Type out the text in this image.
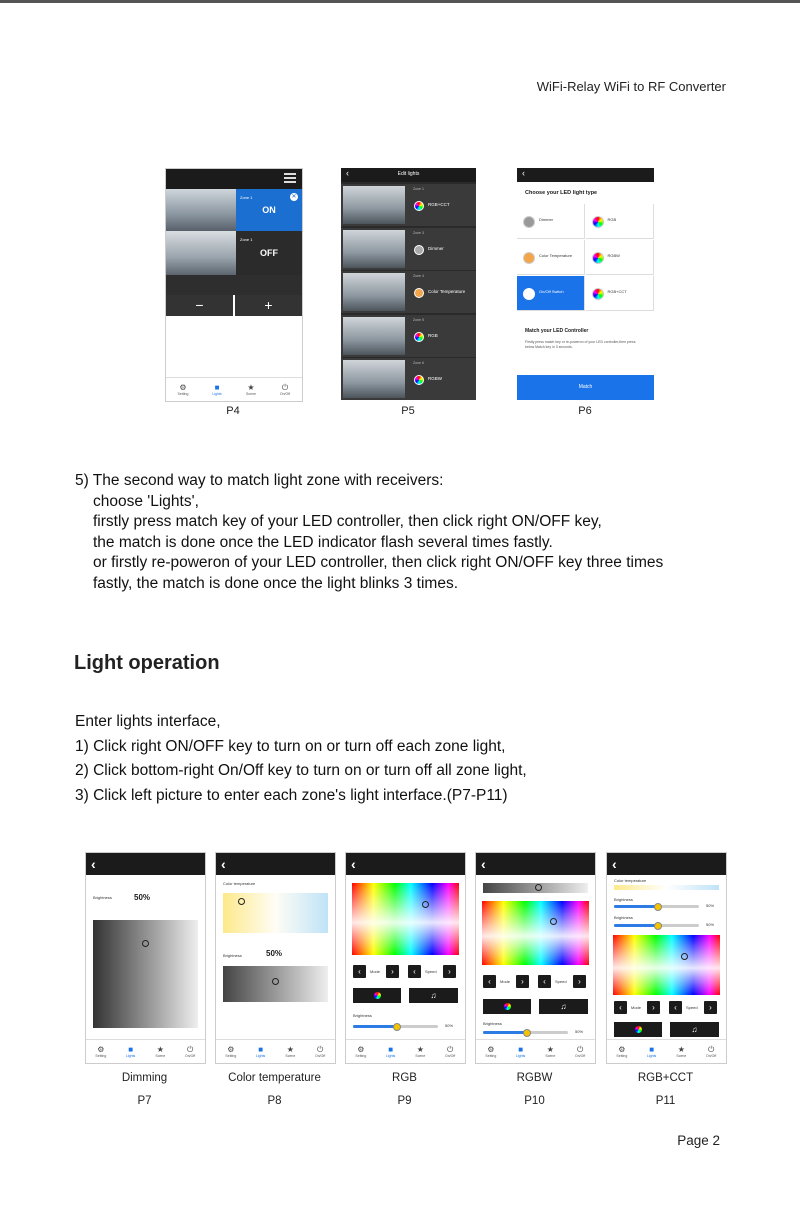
WiFi-Relay WiFi to RF Converter
Zone 1
ON
✕
Zone 1
OFF
−	+
⚙
Setting
■
Lights
★
Scene
⏻
On/Off
P4
‹	Edit lights
Zone 1
RGB+CCT
Zone 3
Dimmer
Zone 4
Color Temperature
Zone 5
RGB
Zone 6
RGBW
P5
‹
Choose your LED light type
Dimmer	RGB
Color Temperature	RGBW
On/Off Switch	RGB+CCT
Match your LED Controller
Firstly press match key or re-poweron of your LED controller,then press below Match key in 3 seconds.
Match
P6
5) The second way to match light zone with receivers:
choose 'Lights',
firstly press match key of your LED controller, then click right ON/OFF key,
the match is done once the LED indicator flash several times fastly.
or firstly re-poweron of your LED controller, then click right ON/OFF key three times
fastly, the match is done once the light blinks 3 times.
Light operation
Enter lights interface,
1) Click right ON/OFF key to turn on or turn off each zone light,
2) Click bottom-right On/Off key to turn on or turn off all zone light,
3) Click left picture to enter each zone's light interface.(P7-P11)
‹
Brightness	50%
⚙
Setting
■
Lights
★
Scene
⏻
On/Off
‹
Color temperature
Brightness	50%
⚙
Setting
■
Lights
★
Scene
⏻
On/Off
‹
‹	Mode	›	‹	Speed	›
♫
Brightness
50%
⚙
Setting
■
Lights
★
Scene
⏻
On/Off
‹
‹	Mode	›	‹	Speed	›
♫
Brightness
50%
⚙
Setting
■
Lights
★
Scene
⏻
On/Off
‹
Color temperature
Brightness
50%
Brightness
50%
‹	Mode	›	‹	Speed	›
♫
⚙
Setting
■
Lights
★
Scene
⏻
On/Off
Dimming
P7
Color temperature
P8
RGB
P9
RGBW
P10
RGB+CCT
P11
Page 2
